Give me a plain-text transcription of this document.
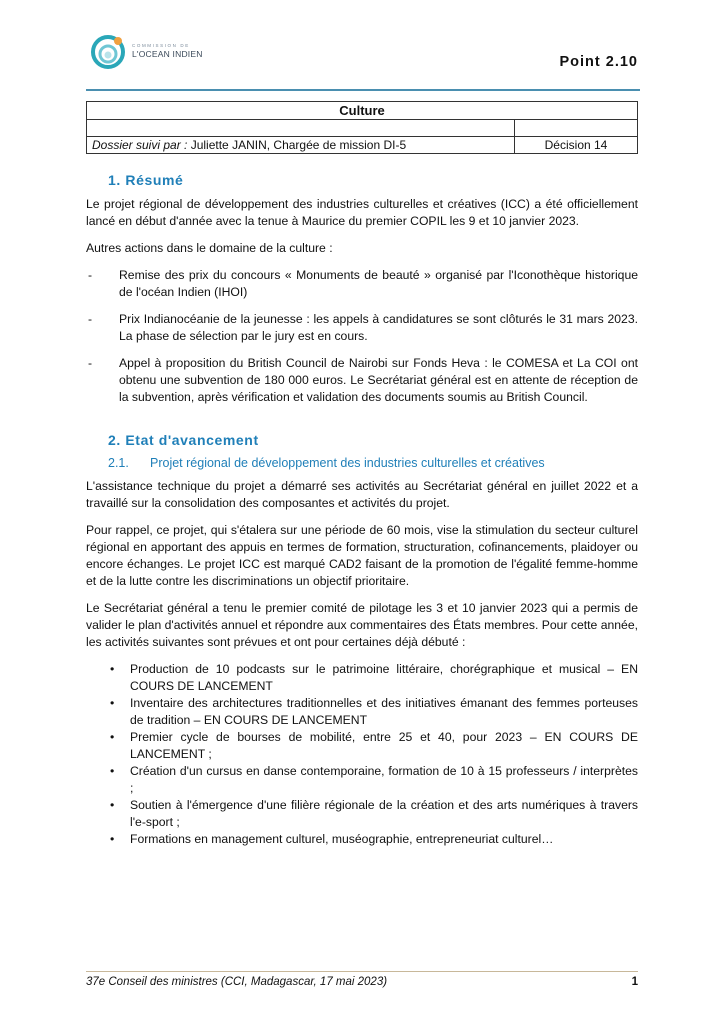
COMMISSION DE
L'OCEAN INDIEN
Point 2.10
Culture	

Dossier suivi par : Juliette JANIN, Chargée de mission DI-5	Décision 14
1. Résumé

Le projet régional de développement des industries culturelles et créatives (ICC) a été officiellement lancé en début d'année avec la tenue à Maurice du premier COPIL les 9 et 10 janvier 2023.

Autres actions dans le domaine de la culture :

- Remise des prix du concours « Monuments de beauté » organisé par l'Iconothèque historique de l'océan Indien (IHOI)
- Prix Indianocéanie de la jeunesse : les appels à candidatures se sont clôturés le 31 mars 2023. La phase de sélection par le jury est en cours.
- Appel à proposition du British Council de Nairobi sur Fonds Heva : le COMESA et La COI ont obtenu une subvention de 180 000 euros. Le Secrétariat général est en attente de réception de la subvention, après vérification et validation des documents soumis au British Council.
2. Etat d'avancement
2.1. Projet régional de développement des industries culturelles et créatives

L'assistance technique du projet a démarré ses activités au Secrétariat général en juillet 2022 et a travaillé sur la consolidation des composantes et activités du projet.

Pour rappel, ce projet, qui s'étalera sur une période de 60 mois, vise la stimulation du secteur culturel régional en apportant des appuis en termes de formation, structuration, cofinancements, plaidoyer ou encore échanges. Le projet ICC est marqué CAD2 faisant de la promotion de l'égalité femme-homme et de la lutte contre les discriminations un objectif prioritaire.

Le Secrétariat général a tenu le premier comité de pilotage les 3 et 10 janvier 2023 qui a permis de valider le plan d'activités annuel et répondre aux commentaires des États membres. Pour cette année, les activités suivantes sont prévues et ont pour certaines déjà débuté :

• Production de 10 podcasts sur le patrimoine littéraire, chorégraphique et musical – EN COURS DE LANCEMENT
• Inventaire des architectures traditionnelles et des initiatives émanant des femmes porteuses de tradition – EN COURS DE LANCEMENT
• Premier cycle de bourses de mobilité, entre 25 et 40, pour 2023 – EN COURS DE LANCEMENT ;
• Création d'un cursus en danse contemporaine, formation de 10 à 15 professeurs / interprètes ;
• Soutien à l'émergence d'une filière régionale de la création et des arts numériques à travers l'e-sport ;
• Formations en management culturel, muséographie, entrepreneuriat culturel…
37e Conseil des ministres (CCI, Madagascar, 17 mai 2023)	1
